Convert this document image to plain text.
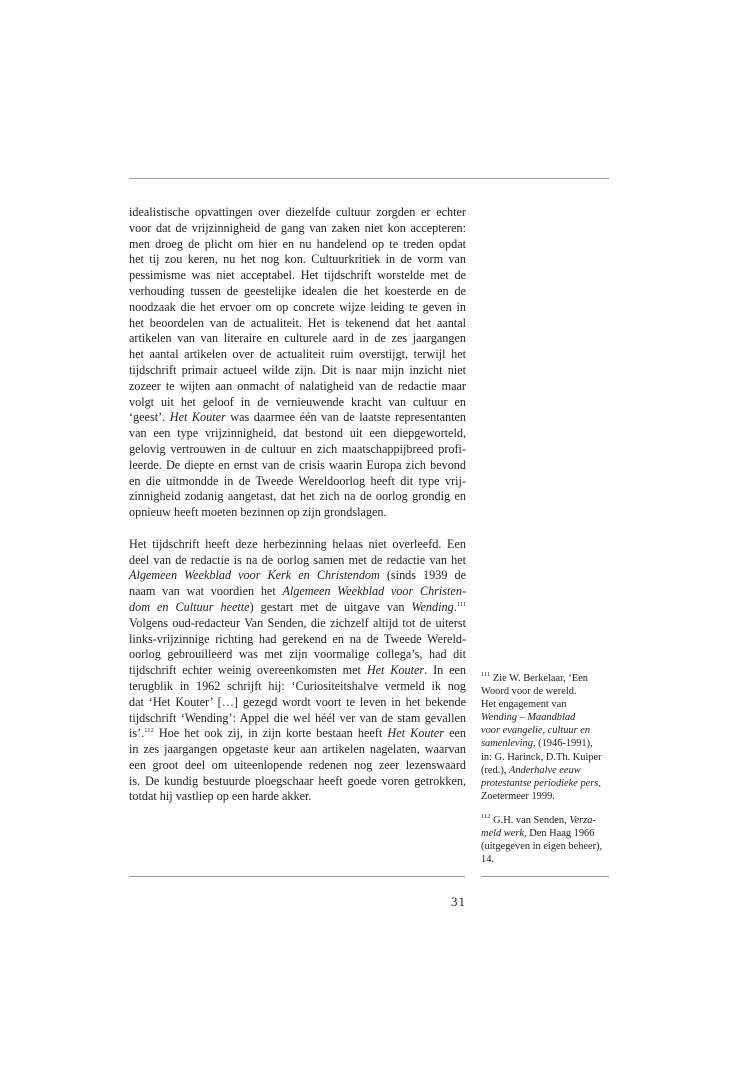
idealistische opvattingen over diezelfde cultuur zorgden er echter
voor dat de vrijzinnigheid de gang van zaken niet kon accepteren:
men droeg de plicht om hier en nu handelend op te treden opdat
het tij zou keren, nu het nog kon. Cultuurkritiek in de vorm van
pessimisme was niet acceptabel. Het tijdschrift worstelde met de
verhouding tussen de geestelijke idealen die het koesterde en de
noodzaak die het ervoer om op concrete wijze leiding te geven in
het beoordelen van de actualiteit. Het is tekenend dat het aantal
artikelen van van literaire en culturele aard in de zes jaargangen
het aantal artikelen over de actualiteit ruim overstijgt, terwijl het
tijdschrift primair actueel wilde zijn. Dit is naar mijn inzicht niet
zozeer te wijten aan onmacht of nalatigheid van de redactie maar
volgt uit het geloof in de vernieuwende kracht van cultuur en
‘geest’. Het Kouter was daarmee één van de laatste representanten
van een type vrijzinnigheid, dat bestond uit een diepgeworteld,
gelovig vertrouwen in de cultuur en zich maatschappijbreed profi-
leerde. De diepte en ernst van de crisis waarin Europa zich bevond
en die uitmondde in de Tweede Wereldoorlog heeft dit type vrij-
zinnigheid zodanig aangetast, dat het zich na de oorlog grondig en
opnieuw heeft moeten bezinnen op zijn grondslagen.
Het tijdschrift heeft deze herbezinning helaas niet overleefd. Een
deel van de redactie is na de oorlog samen met de redactie van het
Algemeen Weekblad voor Kerk en Christendom (sinds 1939 de
naam van wat voordien het Algemeen Weekblad voor Christen-
dom en Cultuur heette) gestart met de uitgave van Wending.$^{111}$
Volgens oud-redacteur Van Senden, die zichzelf altijd tot de uiterst
links-vrijzinnige richting had gerekend en na de Tweede Wereld-
oorlog gebrouilleerd was met zijn voormalige collega’s, had dit
tijdschrift echter weinig overeenkomsten met Het Kouter. In een
terugblik in 1962 schrijft hij: ‘Curiositeitshalve vermeld ik nog
dat ‘Het Kouter’ […] gezegd wordt voort te leven in het bekende
tijdschrift ‘Wending’: Appel die wel héél ver van de stam gevallen
is’.$^{112}$ Hoe het ook zij, in zijn korte bestaan heeft Het Kouter een
in zes jaargangen opgetaste keur aan artikelen nagelaten, waarvan
een groot deel om uiteenlopende redenen nog zeer lezenswaard
is. De kundig bestuurde ploegschaar heeft goede voren getrokken,
totdat hij vastliep op een harde akker.
$^{111}$ Zie W. Berkelaar, ‘Een
Woord voor de wereld.
Het engagement van
Wending – Maandblad
voor evangelie, cultuur en
samenleving, (1946-1991),
in: G. Harinck, D.Th. Kuiper
(red.), Anderhalve eeuw
protestantse periodieke pers,
Zoetermeer 1999.
$^{112}$ G.H. van Senden, Verza-
meld werk, Den Haag 1966
(uitgegeven in eigen beheer),
14.
31
